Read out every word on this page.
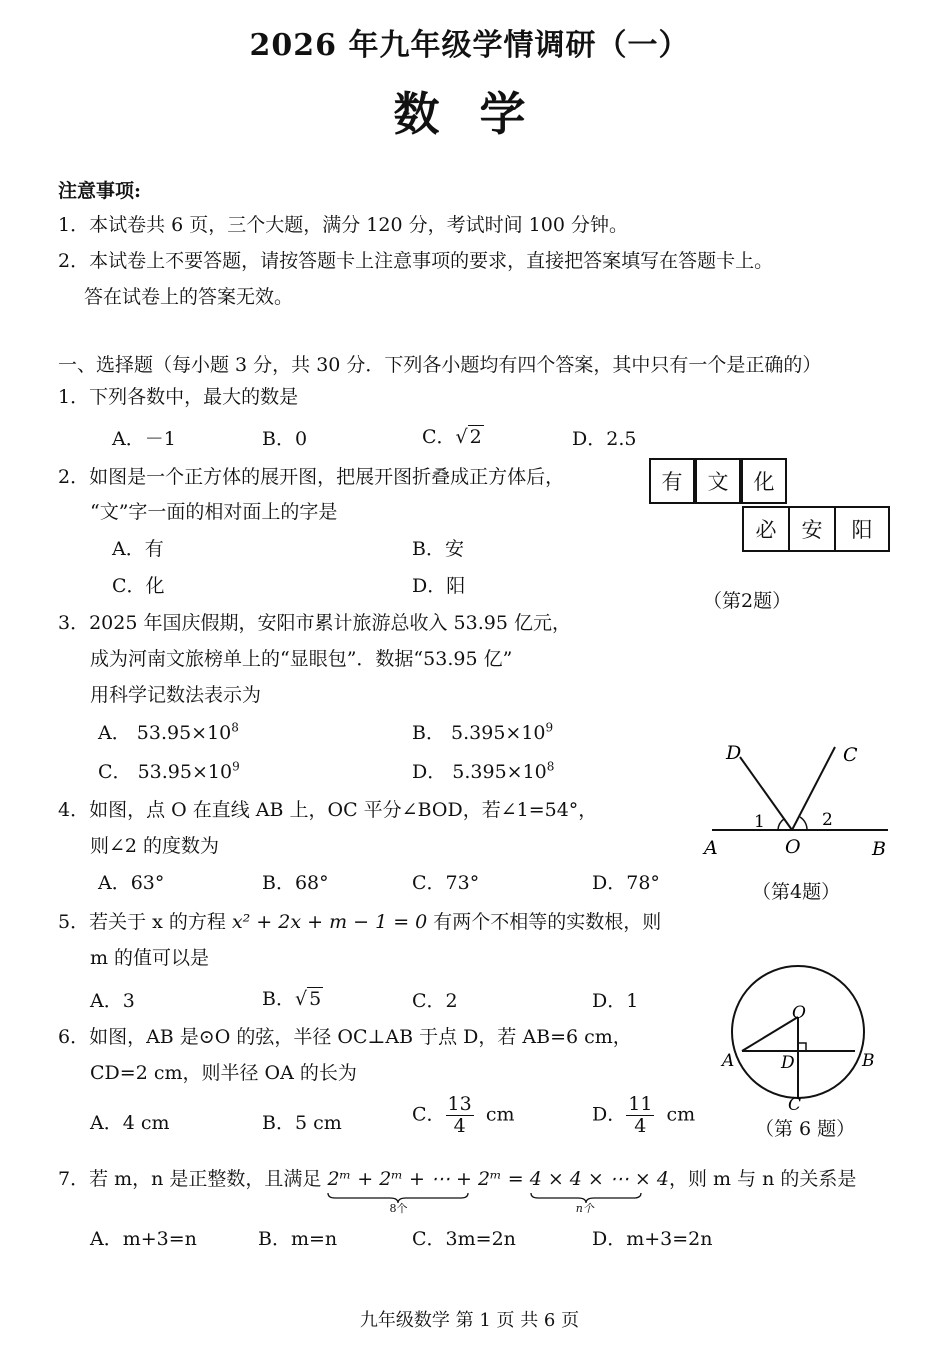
2026 年九年级学情调研（一）
数学
注意事项:
1．本试卷共 6 页，三个大题，满分 120 分，考试时间 100 分钟。
2．本试卷上不要答题，请按答题卡上注意事项的要求，直接把答案填写在答题卡上。
答在试卷上的答案无效。
一、选择题（每小题 3 分，共 30 分．下列各小题均有四个答案，其中只有一个是正确的）
1．下列各数中，最大的数是
A．－1	B．0	C．√ 2	D．2.5
2．如图是一个正方体的展开图，把展开图折叠成正方体后，
“文”字一面的相对面上的字是
A．有	B．安
C．化	D．阳
有	文	化
必	安	阳
（第2题）
3．2025 年国庆假期，安阳市累计旅游总收入 53.95 亿元，
成为河南文旅榜单上的“显眼包”．数据“53.95 亿”
用科学记数法表示为
A． $53.95\times 10^8$	B． $5.395\times 10^9$
C． $53.95\times 10^9$	D． $5.395\times 10^8$
4．如图，点 O 在直线 AB 上，OC 平分∠BOD，若∠1=54°，
则∠2 的度数为
A．63°	B．68°	C．73°	D．78°
D	C
1	2
A	O	B
（第4题）
5．若关于 x 的方程 x² + 2x + m − 1 = 0 有两个不相等的实数根，则
m 的值可以是
A．3	B．√ 5	C．2	D．1
6．如图，AB 是⊙O 的弦，半径 OC⊥AB 于点 D，若 AB=6 cm，
CD=2 cm，则半径 OA 的长为
A．4 cm	B．5 cm	C． $\frac{13}{4}$ cm	D． $\frac{11}{4}$ cm
O
A	B
D
C
（第 6 题）
7．若 m，n 是正整数，且满足 2ᵐ + 2ᵐ + ⋯ + 2ᵐ
8个
= 4 × 4 × ⋯ × 4
n个
，则 m 与 n 的关系是
A．m+3=n	B．m=n	C．3m=2n	D．m+3=2n
九年级数学 第 1 页 共 6 页
